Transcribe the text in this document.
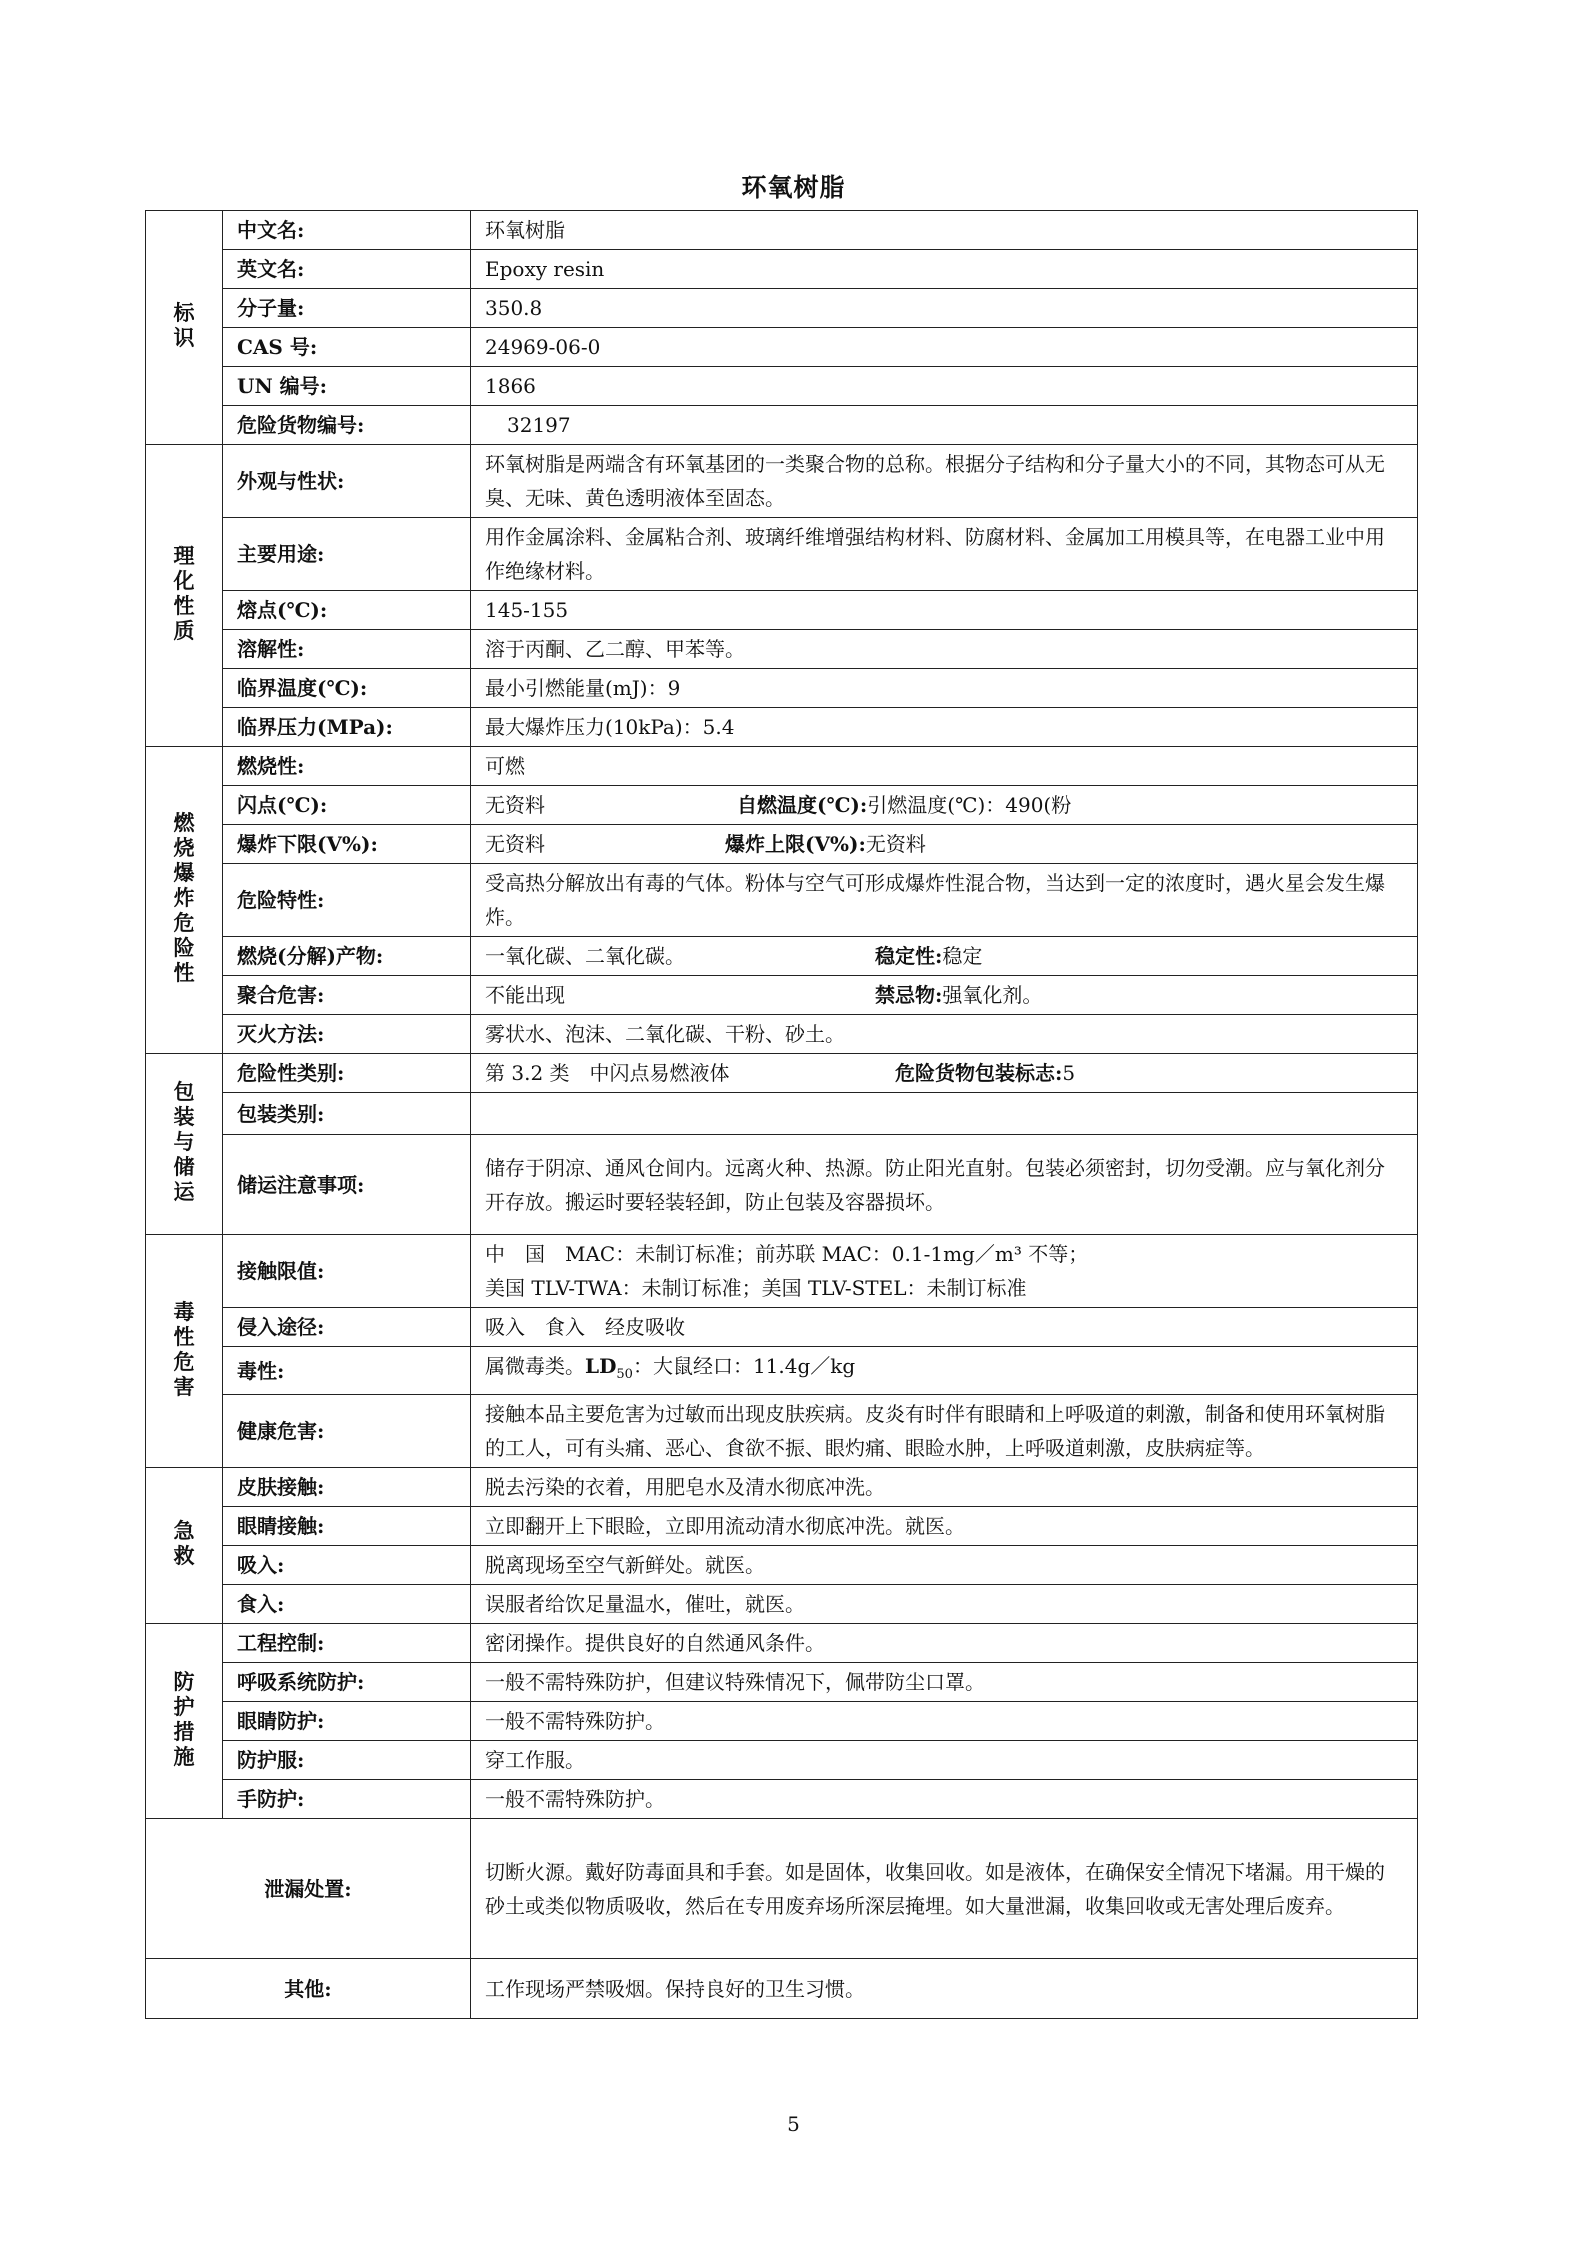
环氧树脂
标识	中文名:	环氧树脂
	英文名:	Epoxy resin
	分子量:	350.8
	CAS 号:	24969-06-0
	UN 编号:	1866
	危险货物编号:	32197
理化性质	外观与性状:	环氧树脂是两端含有环氧基团的一类聚合物的总称。根据分子结构和分子量大小的不同，其物态可从无臭、无味、黄色透明液体至固态。
	主要用途:	用作金属涂料、金属粘合剂、玻璃纤维增强结构材料、防腐材料、金属加工用模具等，在电器工业中用作绝缘材料。
	熔点(℃):	145-155
	溶解性:	溶于丙酮、乙二醇、甲苯等。
	临界温度(℃):	最小引燃能量(mJ)：9
	临界压力(MPa):	最大爆炸压力(10kPa)：5.4
燃烧爆炸危险性	燃烧性:	可燃
	闪点(℃):	无资料 自燃温度(℃):引燃温度(℃)：490(粉
	爆炸下限(V%):	无资料 爆炸上限(V%):无资料
	危险特性:	受高热分解放出有毒的气体。粉体与空气可形成爆炸性混合物，当达到一定的浓度时，遇火星会发生爆炸。
	燃烧(分解)产物:	一氧化碳、二氧化碳。 稳定性:稳定
	聚合危害:	不能出现 禁忌物:强氧化剂。
	灭火方法:	雾状水、泡沫、二氧化碳、干粉、砂土。
包装与储运	危险性类别:	第 3.2 类　中闪点易燃液体 危险货物包装标志:5
	包装类别:	
	储运注意事项:	储存于阴凉、通风仓间内。远离火种、热源。防止阳光直射。包装必须密封，切勿受潮。应与氧化剂分开存放。搬运时要轻装轻卸，防止包装及容器损坏。
毒性危害	接触限值:	中　国　MAC：未制订标准；前苏联 MAC：0.1-1mg／m³ 不等；
美国 TLV-TWA：未制订标准；美国 TLV-STEL：未制订标准

	侵入途径:	吸入　食入　经皮吸收
	毒性:	属微毒类。$LD_{50}$：大鼠经口：11.4g／kg
	健康危害:	接触本品主要危害为过敏而出现皮肤疾病。皮炎有时伴有眼睛和上呼吸道的刺激，制备和使用环氧树脂的工人，可有头痛、恶心、食欲不振、眼灼痛、眼睑水肿，上呼吸道刺激，皮肤病症等。
急救	皮肤接触:	脱去污染的衣着，用肥皂水及清水彻底冲洗。
	眼睛接触:	立即翻开上下眼睑，立即用流动清水彻底冲洗。就医。
	吸入:	脱离现场至空气新鲜处。就医。
	食入:	误服者给饮足量温水，催吐，就医。
防护措施	工程控制:	密闭操作。提供良好的自然通风条件。
	呼吸系统防护:	一般不需特殊防护，但建议特殊情况下，佩带防尘口罩。
	眼睛防护:	一般不需特殊防护。
	防护服:	穿工作服。
	手防护:	一般不需特殊防护。
泄漏处置:		切断火源。戴好防毒面具和手套。如是固体，收集回收。如是液体，在确保安全情况下堵漏。用干燥的砂土或类似物质吸收，然后在专用废弃场所深层掩埋。如大量泄漏，收集回收或无害处理后废弃。
其他:		工作现场严禁吸烟。保持良好的卫生习惯。
5
